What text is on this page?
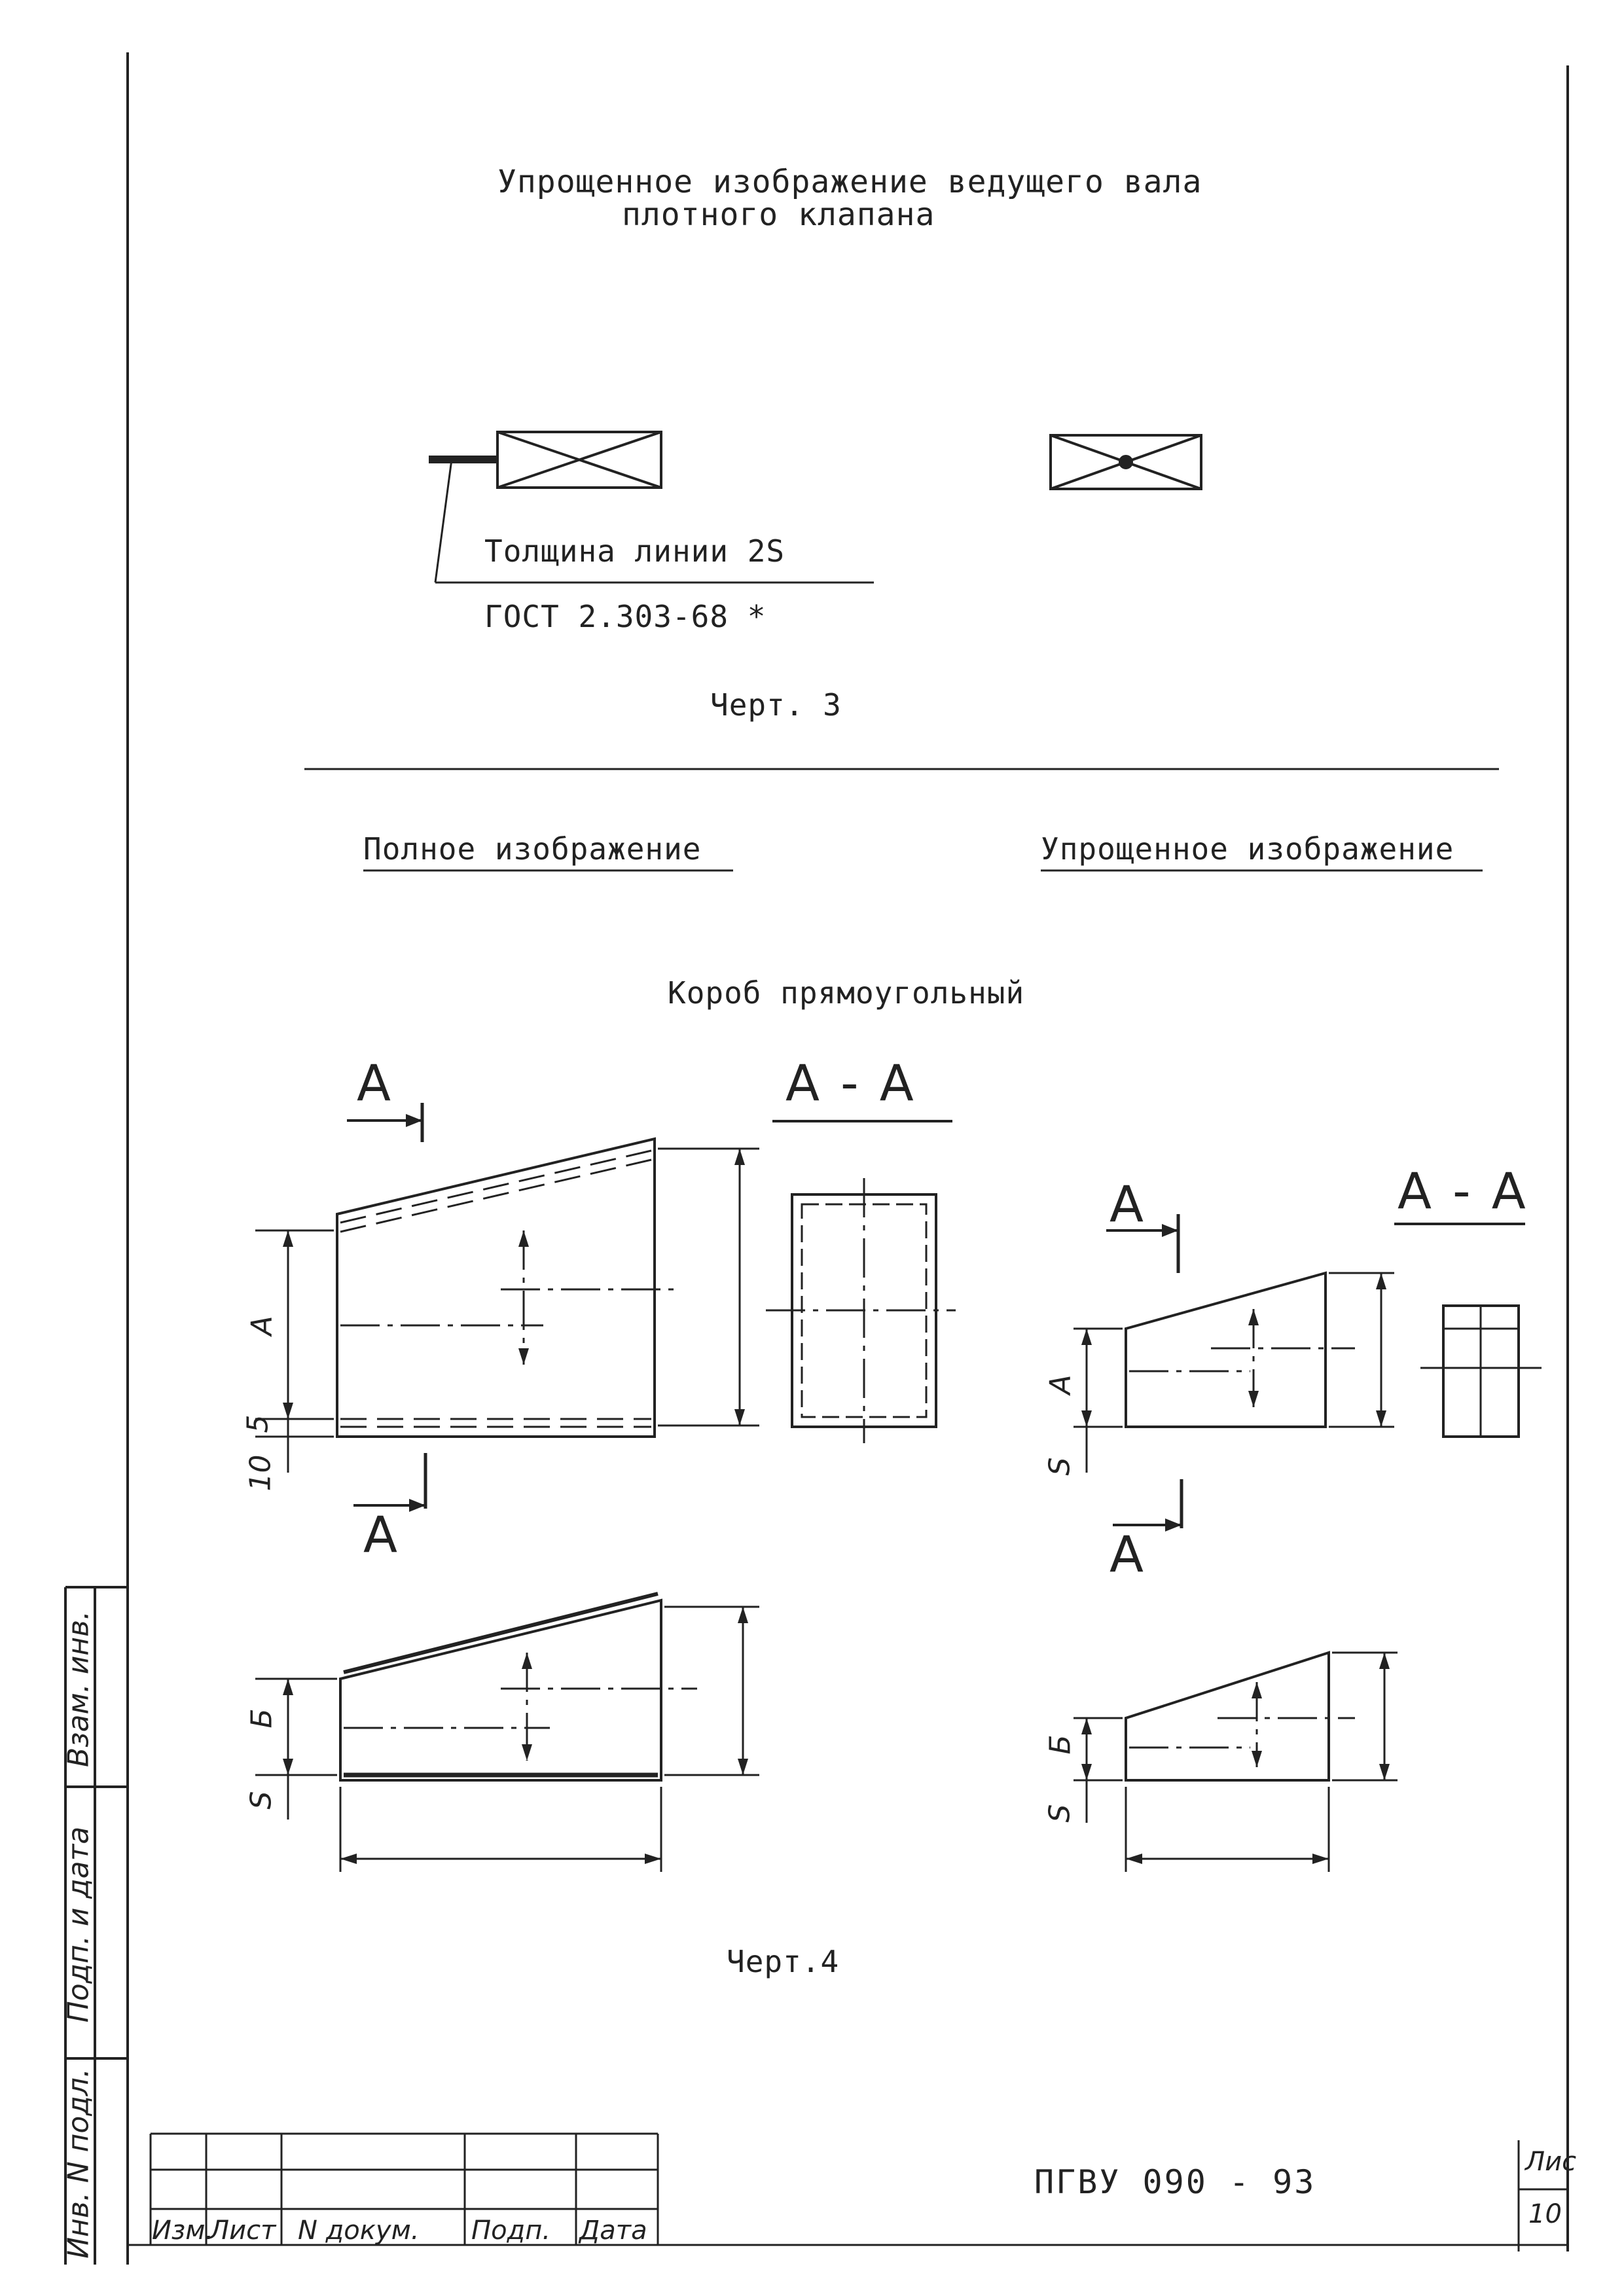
Упрощенное изображение ведущего вала
плотного клапана
Толщина линии 2S
ГОСТ 2.303-68 *
Черт. 3
Полное изображение	Упрощенное изображение
Короб прямоугольный
А
А
А - А
А
А
А - А
А
5
10
А
S
Б
S
Б
S
Черт.4
Взам. инв.
Подп. и дата
Инв. N подл. Изм.
Лист N докум. Подп. Дата
ПГВУ 090 - 93
Лис
10
